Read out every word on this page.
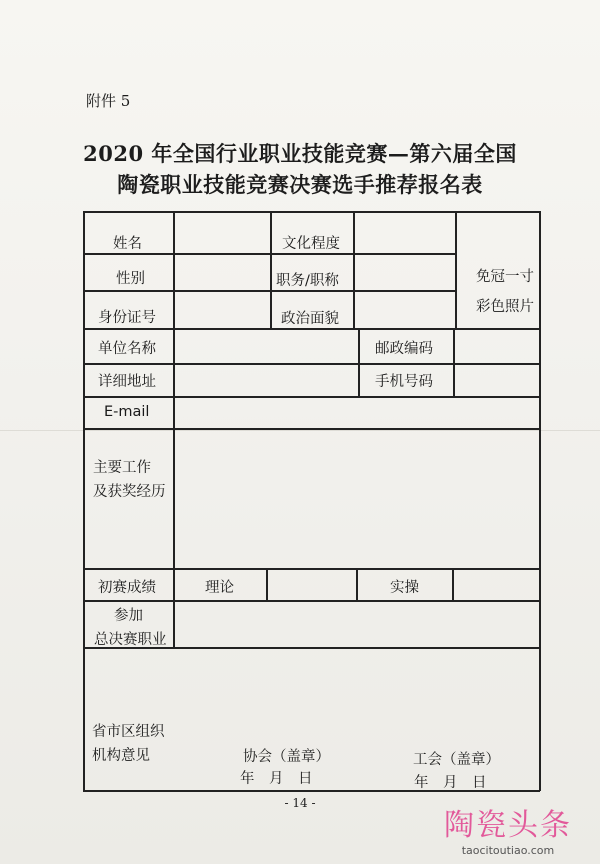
附件 5
2020 年全国行业职业技能竞赛—第六届全国
陶瓷职业技能竞赛决赛选手推荐报名表
姓名	文化程度
性别	职务/职称	免冠一寸
彩色照片
身份证号	政治面貌
单位名称	邮政编码
详细地址	手机号码
E-mail
主要工作
及获奖经历
初赛成绩	理论	实操
参加
总决赛职业
省市区组织
机构意见	协会（盖章）
年　月　日
工会（盖章）
年　月　日
- 14 -
陶瓷头条
taocitoutiao.com
